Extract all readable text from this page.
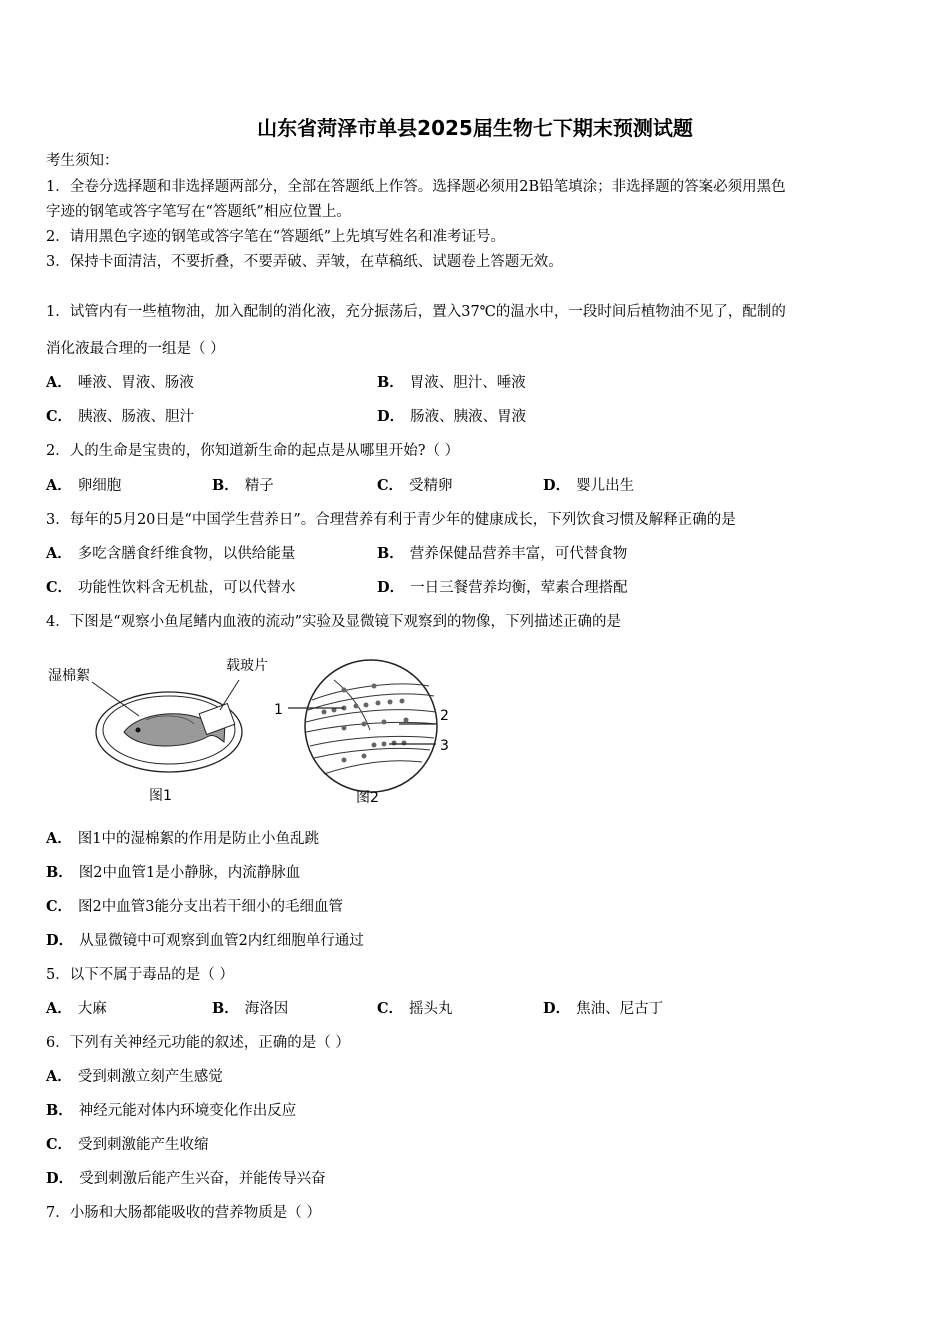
山东省菏泽市单县2025届生物七下期末预测试题
考生须知：
1．全卷分选择题和非选择题两部分，全部在答题纸上作答。选择题必须用2B铅笔填涂；非选择题的答案必须用黑色
字迹的钢笔或答字笔写在“答题纸”相应位置上。
2．请用黑色字迹的钢笔或答字笔在“答题纸”上先填写姓名和准考证号。
3．保持卡面清洁，不要折叠，不要弄破、弄皱，在草稿纸、试题卷上答题无效。
1．试管内有一些植物油，加入配制的消化液，充分振荡后，置入37℃的温水中，一段时间后植物油不见了，配制的
消化液最合理的一组是（ ）
A． 唾液、胃液、肠液	B． 胃液、胆汁、唾液
C． 胰液、肠液、胆汁	D． 肠液、胰液、胃液
2．人的生命是宝贵的，你知道新生命的起点是从哪里开始?（ ）
A． 卵细胞	B． 精子	C． 受精卵	D． 婴儿出生
3．每年的5月20日是“中国学生营养日”。合理营养有利于青少年的健康成长，下列饮食习惯及解释正确的是
A． 多吃含膳食纤维食物，以供给能量	B． 营养保健品营养丰富，可代替食物
C． 功能性饮料含无机盐，可以代替水	D． 一日三餐营养均衡，荤素合理搭配
4．下图是“观察小鱼尾鳍内血液的流动”实验及显微镜下观察到的物像，下列描述正确的是
湿棉絮
载玻片
图1
1	2
3
图2
A． 图1中的湿棉絮的作用是防止小鱼乱跳
B． 图2中血管1是小静脉，内流静脉血
C． 图2中血管3能分支出若干细小的毛细血管
D． 从显微镜中可观察到血管2内红细胞单行通过
5．以下不属于毒品的是（ ）
A． 大麻	B． 海洛因	C． 摇头丸	D． 焦油、尼古丁
6．下列有关神经元功能的叙述，正确的是（ ）
A． 受到刺激立刻产生感觉
B． 神经元能对体内环境变化作出反应
C． 受到刺激能产生收缩
D． 受到刺激后能产生兴奋，并能传导兴奋
7．小肠和大肠都能吸收的营养物质是（ ）
